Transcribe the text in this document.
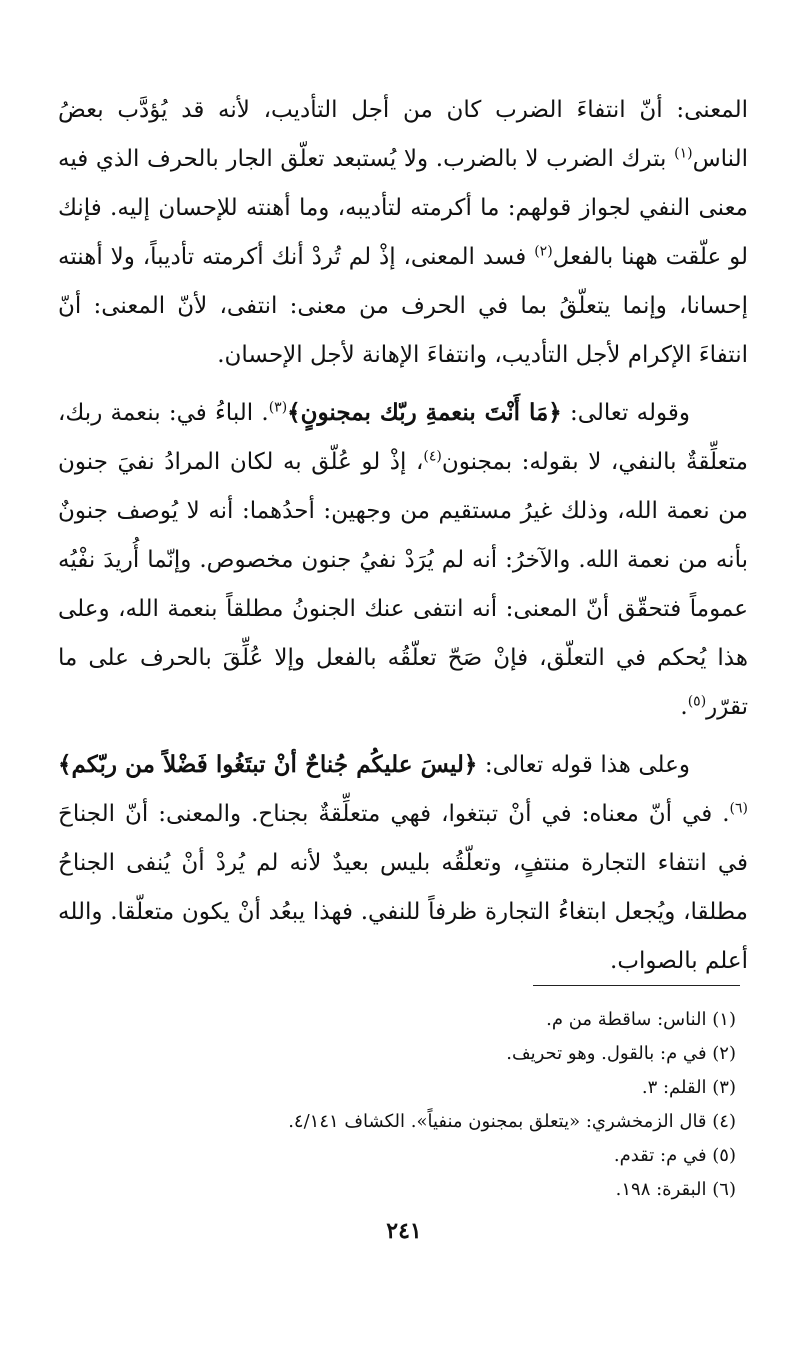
المعنى: أنّ انتفاءَ الضرب كان من أجل التأديب، لأنه قد يُؤدَّب بعضُ الناس$^{(١)}$ بترك الضرب لا بالضرب. ولا يُستبعد تعلّق الجار بالحرف الذي فيه معنى النفي لجواز قولهم: ما أكرمته لتأديبه، وما أهنته للإحسان إليه. فإنك لو علّقت ههنا بالفعل$^{(٢)}$ فسد المعنى، إذْ لم تُردْ أنك أكرمته تأديباً، ولا أهنته إحسانا، وإنما يتعلّقُ بما في الحرف من معنى: انتفى، لأنّ المعنى: أنّ انتفاءَ الإكرام لأجل التأديب، وانتفاءَ الإهانة لأجل الإحسان.

وقوله تعالى: ﴿مَا أَنْتَ بنعمةِ ربّك بمجنونٍ﴾$^{(٣)}$. الباءُ في: بنعمة ربك، متعلِّقةٌ بالنفي، لا بقوله: بمجنون$^{(٤)}$، إذْ لو عُلّق به لكان المرادُ نفيَ جنون من نعمة الله، وذلك غيرُ مستقيم من وجهين: أحدُهما: أنه لا يُوصف جنونٌ بأنه من نعمة الله. والآخرُ: أنه لم يُرَدْ نفيُ جنون مخصوص. وإنّما أُريدَ نفْيُه عموماً فتحقّق أنّ المعنى: أنه انتفى عنك الجنونُ مطلقاً بنعمة الله، وعلى هذا يُحكم في التعلّق، فإنْ صَحّ تعلّقُه بالفعل وإلا عُلِّقَ بالحرف على ما تقرّر$^{(٥)}$.

وعلى هذا قوله تعالى: ﴿ليسَ عليكُم جُناحٌ أنْ تبتَغُوا فَضْلاً من ربّكم﴾$^{(٦)}$. في أنّ معناه: في أنْ تبتغوا، فهي متعلِّقةٌ بجناح. والمعنى: أنّ الجناحَ في انتفاء التجارة منتفٍ، وتعلّقُه بليس بعيدٌ لأنه لم يُردْ أنْ يُنفى الجناحُ مطلقا، ويُجعل ابتغاءُ التجارة ظرفاً للنفي. فهذا يبعُد أنْ يكون متعلّقا. والله أعلم بالصواب.

(١) الناس: ساقطة من م.

(٢) في م: بالقول. وهو تحريف.

(٣) القلم: ٣.

(٤) قال الزمخشري: «يتعلق بمجنون منفياً». الكشاف ٤/١٤١.

(٥) في م: تقدم.

(٦) البقرة: ١٩٨.

٢٤١
